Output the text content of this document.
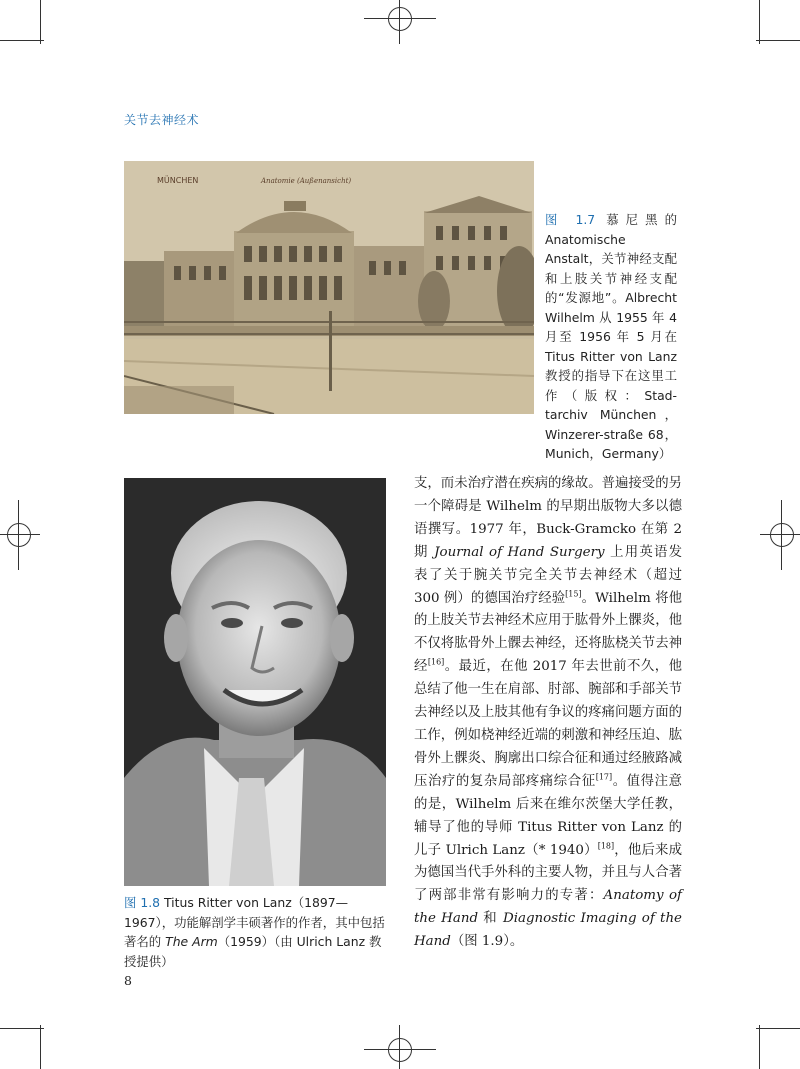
关节去神经术
MÜNCHEN	Anatomie (Außenansicht)
图 1.7 慕尼黑的 Anatomische Anstalt，关节神经支配和上肢关节神经支配的“发源地”。Albrecht Wilhelm 从 1955 年 4 月至 1956 年 5 月在 Titus Ritter von Lanz 教授的指导下在这里工作（版权：Stad-tarchiv München，Winzerer-straße 68，Munich，Germany）
图 1.8 Titus Ritter von Lanz（1897—1967），功能解剖学丰硕著作的作者，其中包括著名的 The Arm（1959）（由 Ulrich Lanz 教授提供）

支，而未治疗潜在疾病的缘故。普遍接受的另一个障碍是 Wilhelm 的早期出版物大多以德语撰写。1977 年，Buck-Gramcko 在第 2 期 Journal of Hand Surgery 上用英语发表了关于腕关节完全关节去神经术（超过 300 例）的德国治疗经验[15]。Wilhelm 将他的上肢关节去神经术应用于肱骨外上髁炎，他不仅将肱骨外上髁去神经，还将肱桡关节去神经[16]。最近，在他 2017 年去世前不久，他总结了他一生在肩部、肘部、腕部和手部关节去神经以及上肢其他有争议的疼痛问题方面的工作，例如桡神经近端的刺激和神经压迫、肱骨外上髁炎、胸廓出口综合征和通过经腋路减压治疗的复杂局部疼痛综合征[17]。值得注意的是，Wilhelm 后来在维尔茨堡大学任教，辅导了他的导师 Titus Ritter von Lanz 的儿子 Ulrich Lanz（* 1940）[18]，他后来成为德国当代手外科的主要人物，并且与人合著了两部非常有影响力的专著：Anatomy of the Hand 和 Diagnostic Imaging of the Hand（图 1.9）。

8
